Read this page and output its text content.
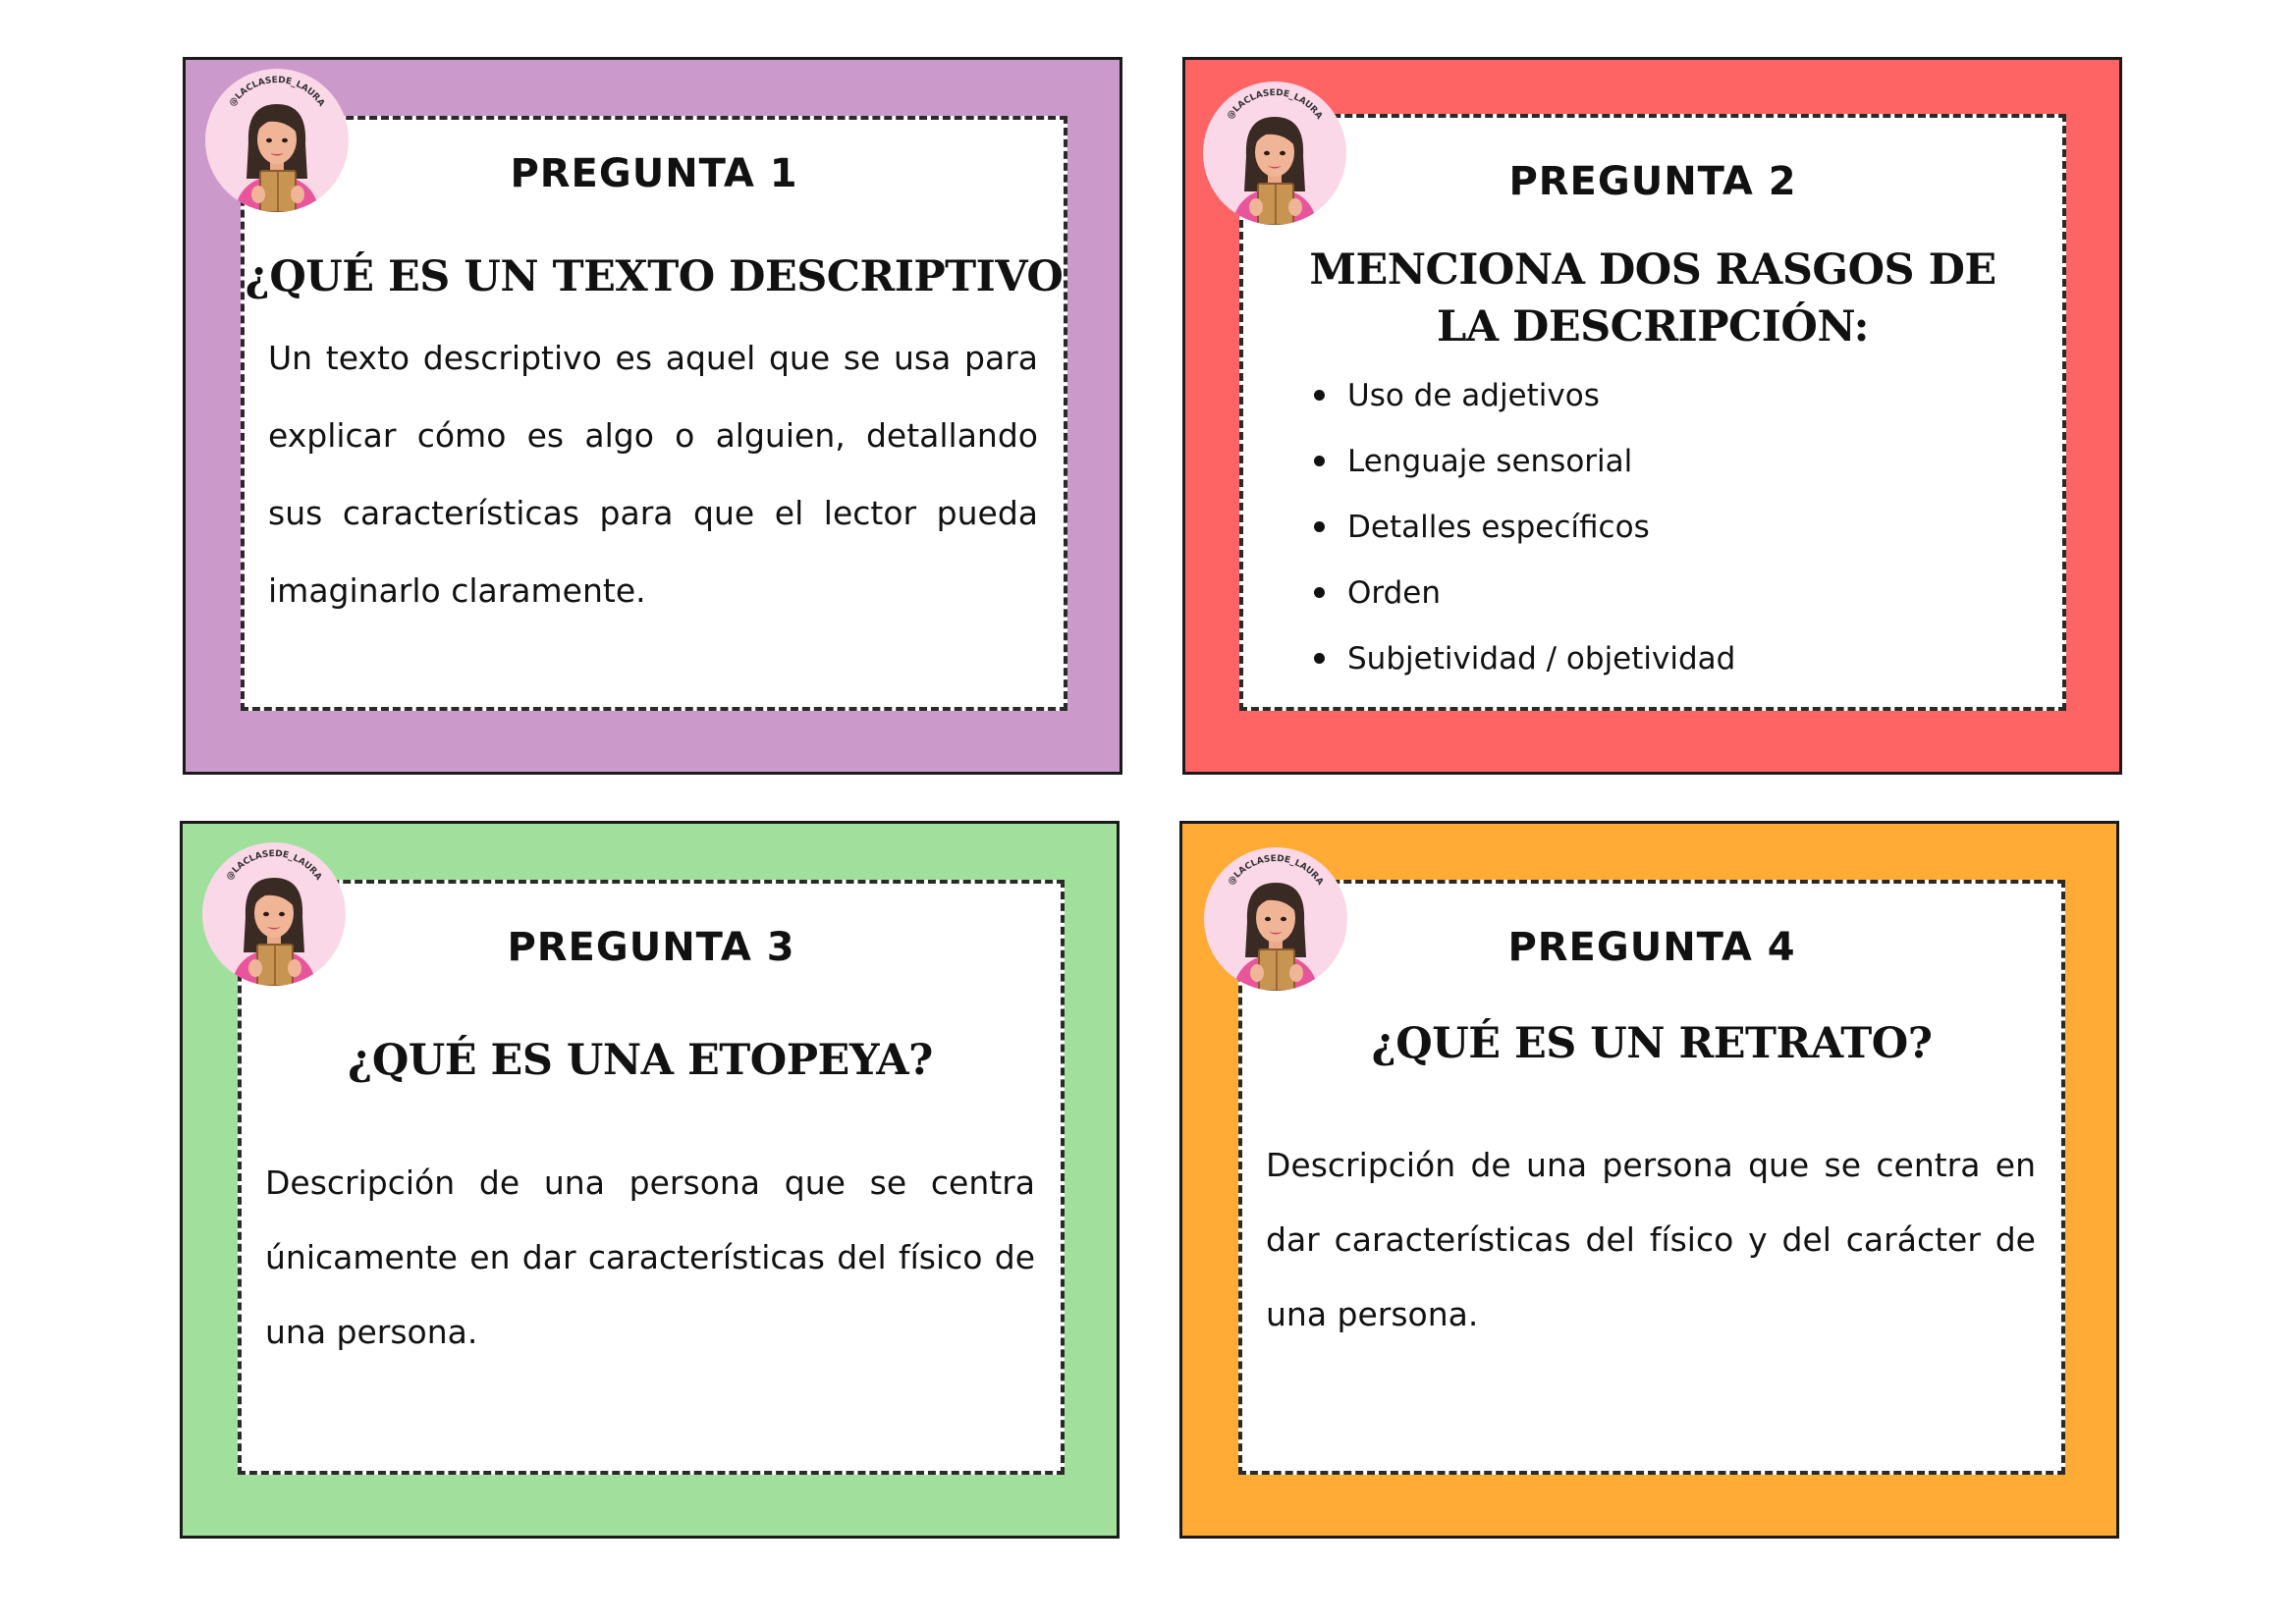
PREGUNTA 1
¿QUÉ ES UN TEXTO DESCRIPTIVO
Un texto descriptivo es aquel que se usa para explicar cómo es algo o alguien, detallando sus características para que el lector pueda imaginarlo claramente.
@LACLASEDE_LAURA
PREGUNTA 2
MENCIONA DOS RASGOS DE LA DESCRIPCIÓN:
Uso de adjetivos
Lenguaje sensorial
Detalles específicos
Orden
Subjetividad / objetividad
@LACLASEDE_LAURA
PREGUNTA 3
¿QUÉ ES UNA ETOPEYA?
Descripción de una persona que se centra únicamente en dar características del físico de una persona.
@LACLASEDE_LAURA
PREGUNTA 4
¿QUÉ ES UN RETRATO?
Descripción de una persona que se centra en dar características del físico y del carácter de una persona.
@LACLASEDE_LAURA
